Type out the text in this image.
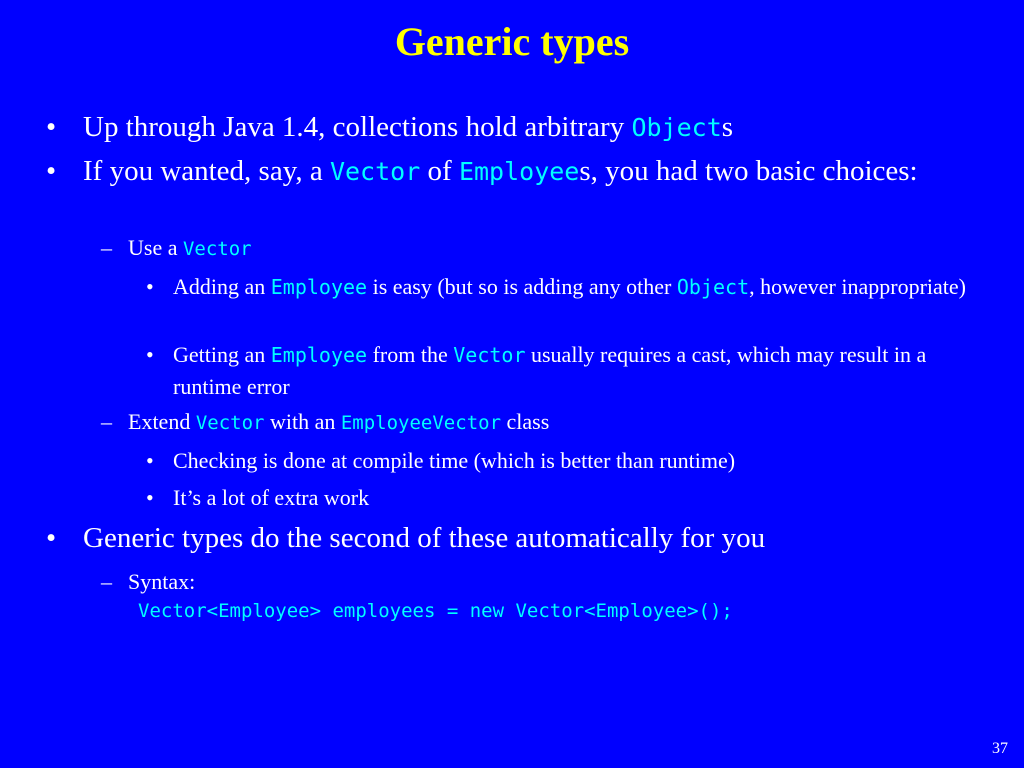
Generic types
• Up through Java 1.4, collections hold arbitrary Objects
• If you wanted, say, a Vector of Employees, you had two basic choices:
– Use a Vector
• Adding an Employee is easy (but so is adding any other Object, however inappropriate)
• Getting an Employee from the Vector usually requires a cast, which may result in a runtime error
– Extend Vector with an EmployeeVector class
• Checking is done at compile time (which is better than runtime)
• It’s a lot of extra work
• Generic types do the second of these automatically for you
– Syntax:
Vector<Employee> employees = new Vector<Employee>();
37
